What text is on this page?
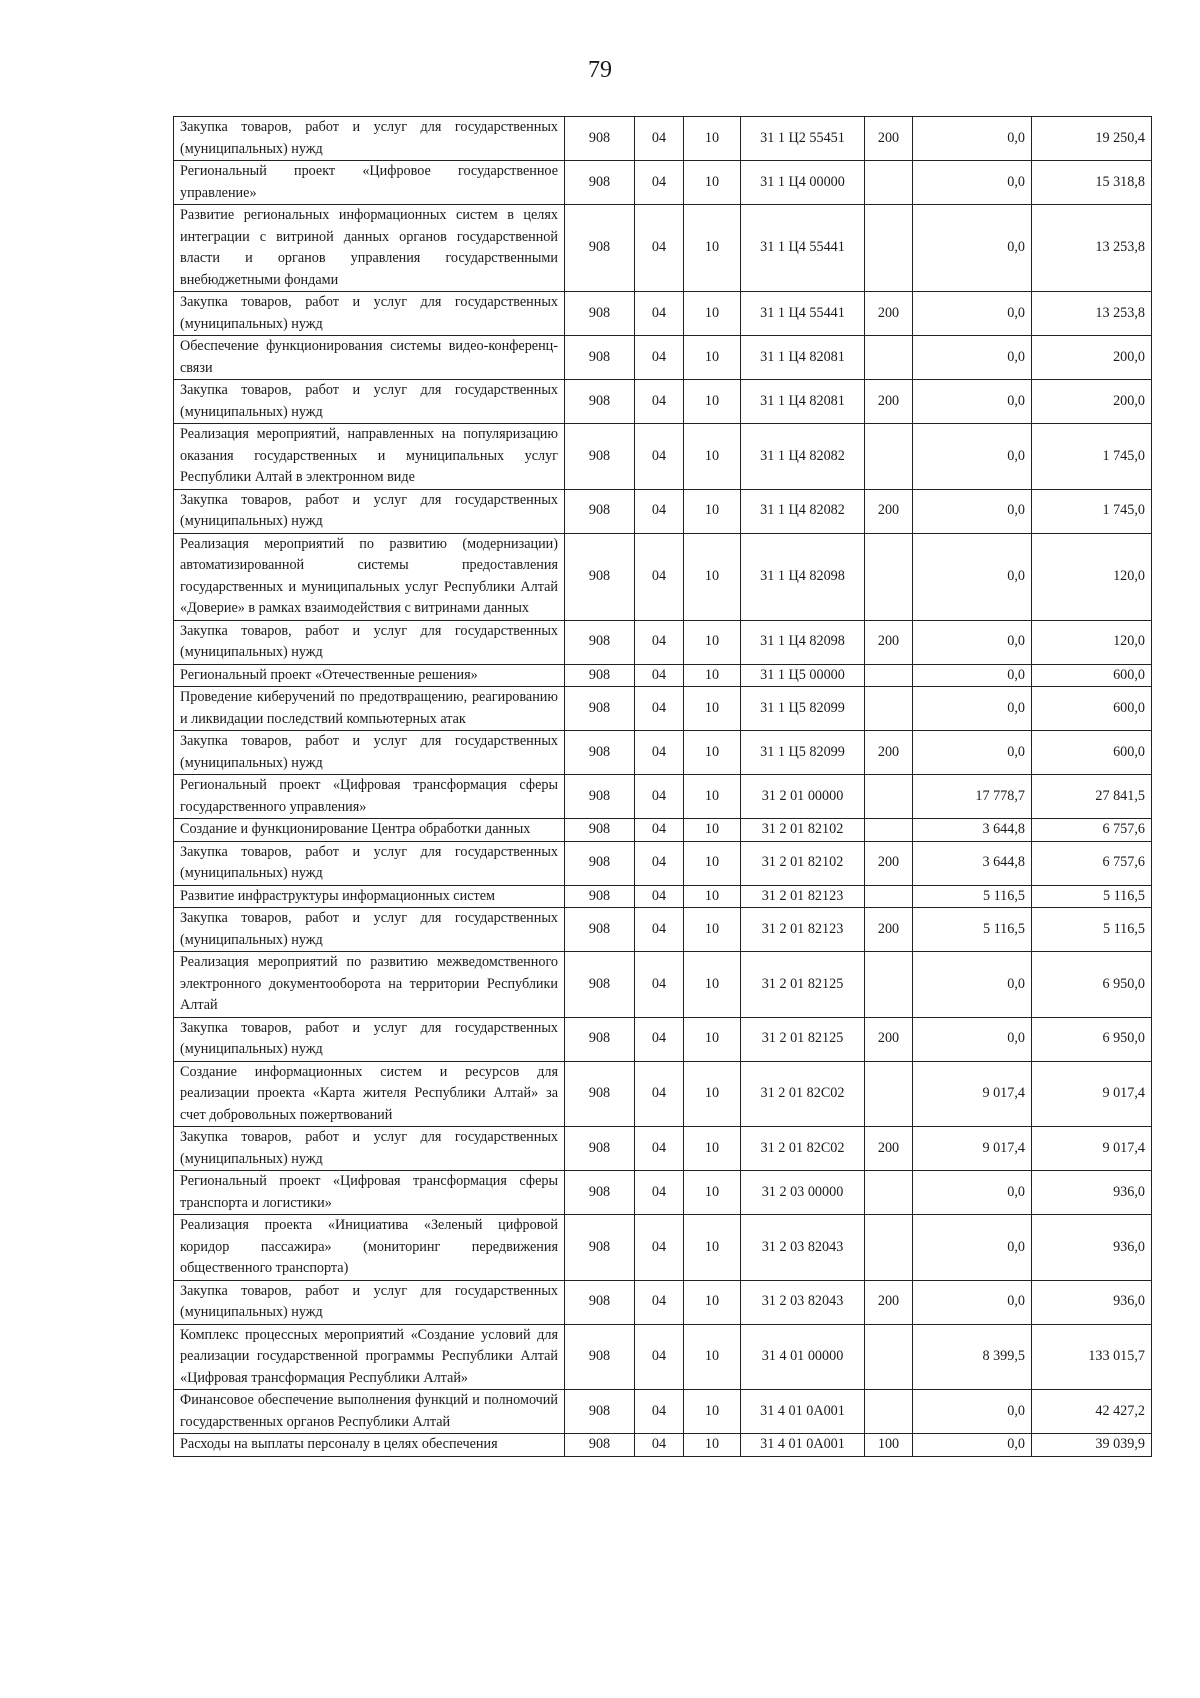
79
Закупка товаров, работ и услуг для государственных (муниципальных) нужд	908	04	10	31 1 Ц2 55451	200	0,0	19 250,4
Региональный проект «Цифровое государственное управление»	908	04	10	31 1 Ц4 00000		0,0	15 318,8
Развитие региональных информационных систем в целях интеграции с витриной данных органов государственной власти и органов управления государственными внебюджетными фондами	908	04	10	31 1 Ц4 55441		0,0	13 253,8
Закупка товаров, работ и услуг для государственных (муниципальных) нужд	908	04	10	31 1 Ц4 55441	200	0,0	13 253,8
Обеспечение функционирования системы видео-конференц-связи	908	04	10	31 1 Ц4 82081		0,0	200,0
Закупка товаров, работ и услуг для государственных (муниципальных) нужд	908	04	10	31 1 Ц4 82081	200	0,0	200,0
Реализация мероприятий, направленных на популяризацию оказания государственных и муниципальных услуг Республики Алтай в электронном виде	908	04	10	31 1 Ц4 82082		0,0	1 745,0
Закупка товаров, работ и услуг для государственных (муниципальных) нужд	908	04	10	31 1 Ц4 82082	200	0,0	1 745,0
Реализация мероприятий по развитию (модернизации) автоматизированной системы предоставления государственных и муниципальных услуг Республики Алтай «Доверие» в рамках взаимодействия с витринами данных	908	04	10	31 1 Ц4 82098		0,0	120,0
Закупка товаров, работ и услуг для государственных (муниципальных) нужд	908	04	10	31 1 Ц4 82098	200	0,0	120,0
Региональный проект «Отечественные решения»	908	04	10	31 1 Ц5 00000		0,0	600,0
Проведение киберучений по предотвращению, реагированию и ликвидации последствий компьютерных атак	908	04	10	31 1 Ц5 82099		0,0	600,0
Закупка товаров, работ и услуг для государственных (муниципальных) нужд	908	04	10	31 1 Ц5 82099	200	0,0	600,0
Региональный проект «Цифровая трансформация сферы государственного управления»	908	04	10	31 2 01 00000		17 778,7	27 841,5
Создание и функционирование Центра обработки данных	908	04	10	31 2 01 82102		3 644,8	6 757,6
Закупка товаров, работ и услуг для государственных (муниципальных) нужд	908	04	10	31 2 01 82102	200	3 644,8	6 757,6
Развитие инфраструктуры информационных систем	908	04	10	31 2 01 82123		5 116,5	5 116,5
Закупка товаров, работ и услуг для государственных (муниципальных) нужд	908	04	10	31 2 01 82123	200	5 116,5	5 116,5
Реализация мероприятий по развитию межведомственного электронного документооборота на территории Республики Алтай	908	04	10	31 2 01 82125		0,0	6 950,0
Закупка товаров, работ и услуг для государственных (муниципальных) нужд	908	04	10	31 2 01 82125	200	0,0	6 950,0
Создание информационных систем и ресурсов для реализации проекта «Карта жителя Республики Алтай» за счет добровольных пожертвований	908	04	10	31 2 01 82С02		9 017,4	9 017,4
Закупка товаров, работ и услуг для государственных (муниципальных) нужд	908	04	10	31 2 01 82С02	200	9 017,4	9 017,4
Региональный проект «Цифровая трансформация сферы транспорта и логистики»	908	04	10	31 2 03 00000		0,0	936,0
Реализация проекта «Инициатива «Зеленый цифровой коридор пассажира» (мониторинг передвижения общественного транспорта)	908	04	10	31 2 03 82043		0,0	936,0
Закупка товаров, работ и услуг для государственных (муниципальных) нужд	908	04	10	31 2 03 82043	200	0,0	936,0
Комплекс процессных мероприятий «Создание условий для реализации государственной программы Республики Алтай «Цифровая трансформация Республики Алтай»	908	04	10	31 4 01 00000		8 399,5	133 015,7
Финансовое обеспечение выполнения функций и полномочий государственных органов Республики Алтай	908	04	10	31 4 01 0А001		0,0	42 427,2
Расходы на выплаты персоналу в целях обеспечения	908	04	10	31 4 01 0А001	100	0,0	39 039,9
